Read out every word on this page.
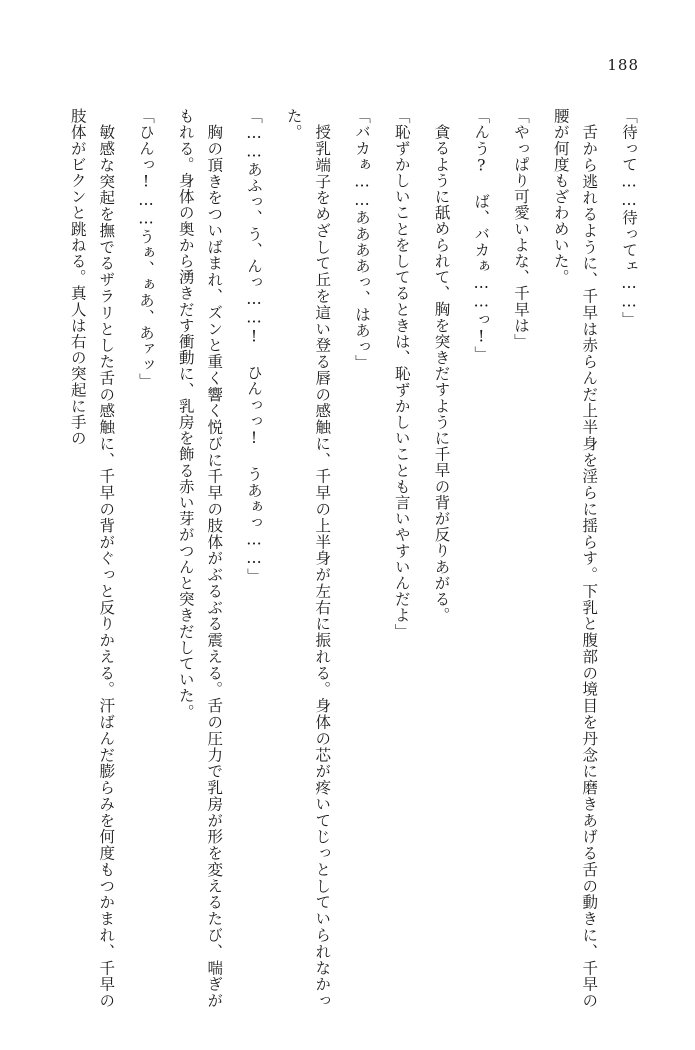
188

「待って……待ってェ……」

舌から逃れるように、千早は赤らんだ上半身を淫らに揺らす。下乳と腹部の境目を丹念に磨きあげる舌の動きに、千早の腰が何度もざわめいた。

「やっぱり可愛いよな、千早は」

「んう? ば、バカぁ……っ!」

貪るように舐められて、胸を突きだすように千早の背が反りあがる。

「恥ずかしいことをしてるときは、恥ずかしいことも言いやすいんだよ」

「バカぁ……ああああっ、はあっ」

授乳端子をめざして丘を這い登る唇の感触に、千早の上半身が左右に振れる。身体の芯が疼いてじっとしていられなかった。

「……あふっ、う、んっ……! ひんっっ! うあぁっ……」

胸の頂きをついばまれ、ズンと重く響く悦びに千早の肢体がぶるぶる震える。舌の圧力で乳房が形を変えるたび、喘ぎがもれる。身体の奥から湧きだす衝動に、乳房を飾る赤い芽がつんと突きだしていた。

「ひんっ!……うぁ、ぁあ、あァッ」

敏感な突起を撫でるザラリとした舌の感触に、千早の背がぐっと反りかえる。汗ばんだ膨らみを何度もつかまれ、千早の肢体がビクンと跳ねる。真人は右の突起に手の
